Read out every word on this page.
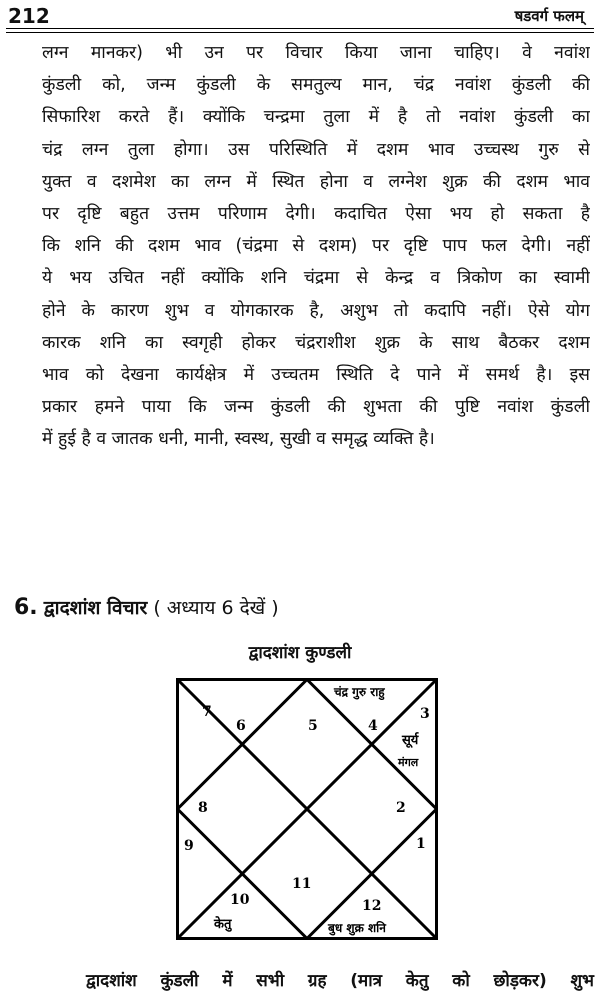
212	षडवर्ग फलम्
लग्न मानकर) भी उन पर विचार किया जाना चाहिए। वे नवांश
कुंडली को, जन्म कुंडली के समतुल्य मान, चंद्र नवांश कुंडली की
सिफारिश करते हैं। क्योंकि चन्द्रमा तुला में है तो नवांश कुंडली का
चंद्र लग्न तुला होगा। उस परिस्थिति में दशम भाव उच्चस्थ गुरु से
युक्त व दशमेश का लग्न में स्थित होना व लग्नेश शुक्र की दशम भाव
पर दृष्टि बहुत उत्तम परिणाम देगी। कदाचित ऐसा भय हो सकता है
कि शनि की दशम भाव (चंद्रमा से दशम) पर दृष्टि पाप फल देगी। नहीं
ये भय उचित नहीं क्योंकि शनि चंद्रमा से केन्द्र व त्रिकोण का स्वामी
होने के कारण शुभ व योगकारक है, अशुभ तो कदापि नहीं। ऐसे योग
कारक शनि का स्वगृही होकर चंद्रराशीश शुक्र के साथ बैठकर दशम
भाव को देखना कार्यक्षेत्र में उच्चतम स्थिति दे पाने में समर्थ है। इस
प्रकार हमने पाया कि जन्म कुंडली की शुभता की पुष्टि नवांश कुंडली
में हुई है व जातक धनी, मानी, स्वस्थ, सुखी व समृद्ध व्यक्ति है।
6. द्वादशांश विचार ( अध्याय 6 देखें )
द्वादशांश कुण्डली
5	4
6
7	3
8	2
9	1
10
11
12
चंद्र गुरु राहु
सूर्य
मंगल
केतु	बुध शुक्र शनि
द्वादशांश कुंडली में सभी ग्रह (मात्र केतु को छोड़कर) शुभ
